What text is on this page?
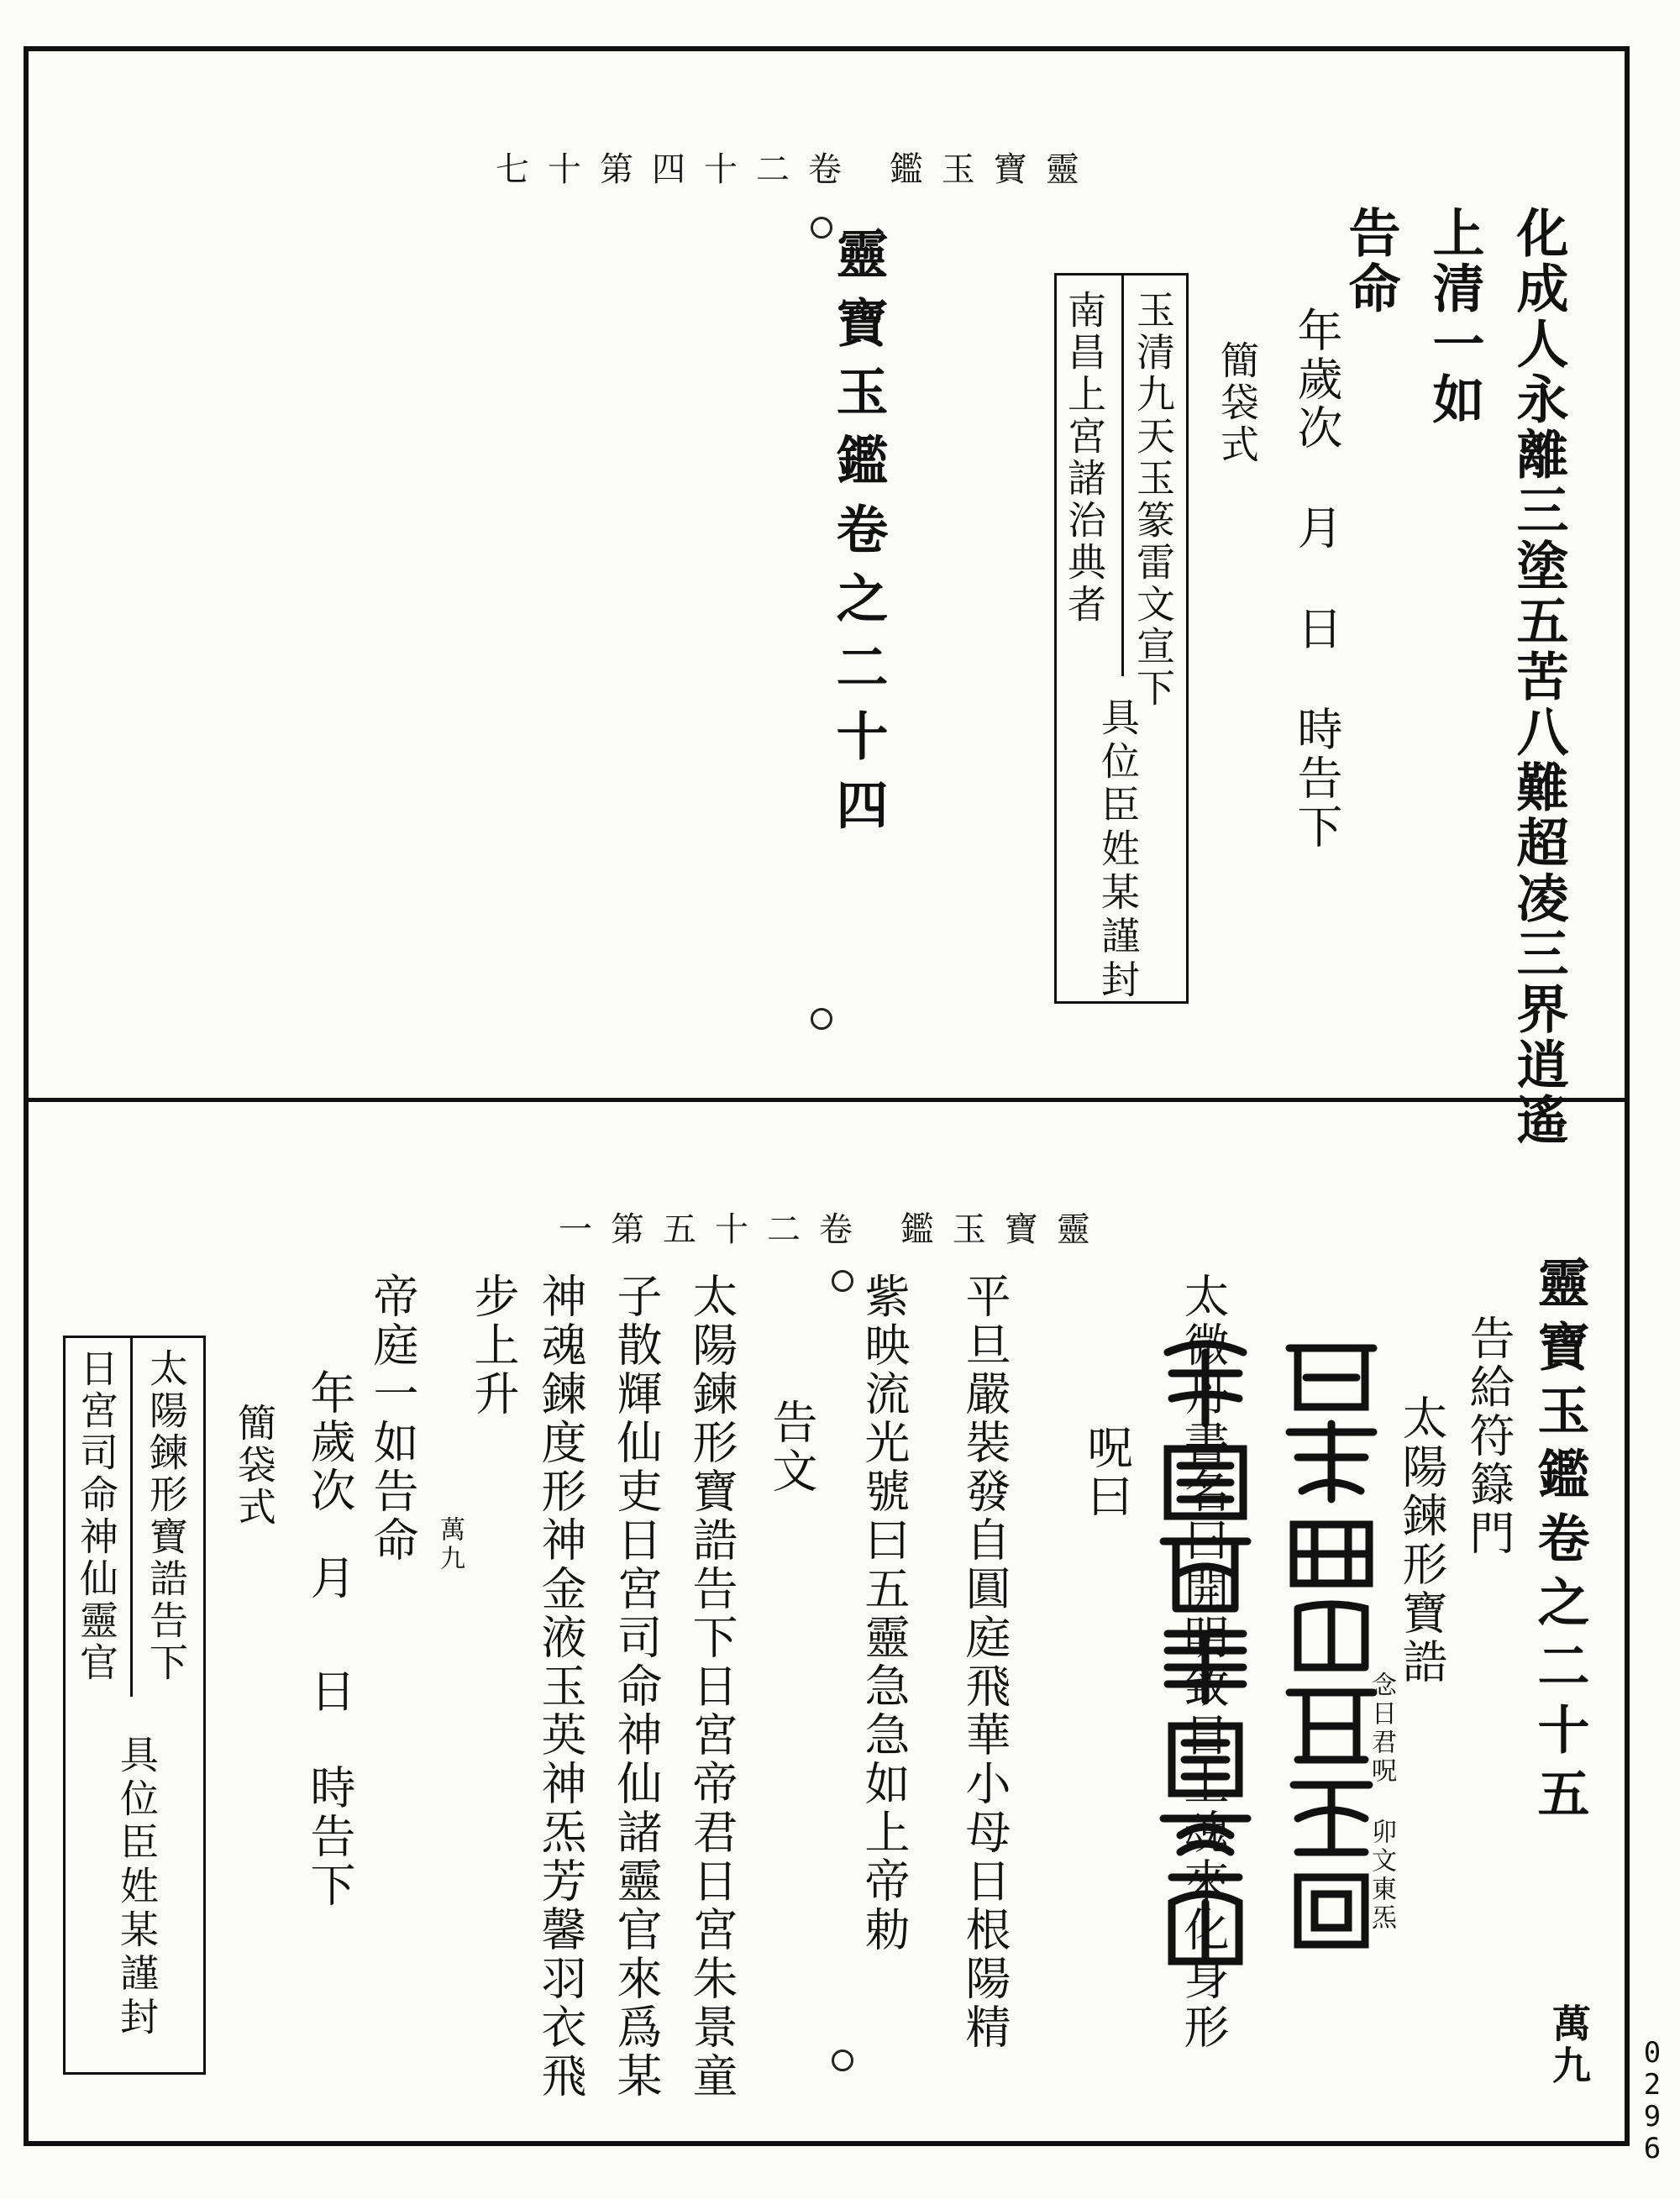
七十第四十二卷 鑑玉寶靈
化成人永離三塗五苦八難超凌三界逍遙
上清一如
告命
年歲次
月
日
時告下
簡袋式
玉清九天玉篆雷文宣下
南昌上宮諸治典者
具位臣姓某謹封
靈寶玉鑑卷之二十四
一第五十二卷 鑑玉寶靈
靈寶玉鑑卷之二十五
告給符籙門
太陽鍊形寶誥
念日君呪 卯文東炁
萬九
太微丹書名曰開明致日上魂來化身形
呪曰
平旦嚴裝發自圓庭飛華小母日根陽精
紫映流光號曰五靈急急如上帝勅
告文
太陽鍊形寶誥告下日宮帝君日宮朱景童
子散輝仙吏日宮司命神仙諸靈官來爲某
神魂鍊度形神金液玉英神炁芳馨羽衣飛
步上升
帝庭一如告命 萬九
年歲次
月
日
時告下
簡袋式
太陽鍊形寶誥告下
日宮司命神仙靈官
具位臣姓某謹封
0296
